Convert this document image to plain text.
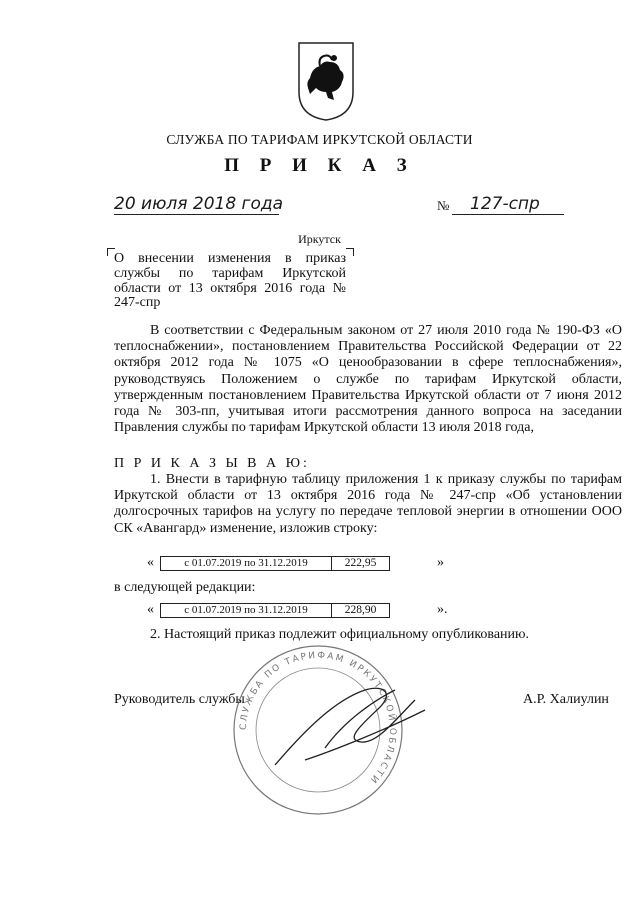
СЛУЖБА ПО ТАРИФАМ ИРКУТСКОЙ ОБЛАСТИ
П Р И К А З
20 июля 2018 года	№ 127-спр
Иркутск
О внесении изменения в приказ службы по тарифам Иркутской области от 13 октября 2016 года № 247-спр
В соответствии с Федеральным законом от 27 июля 2010 года № 190-ФЗ «О теплоснабжении», постановлением Правительства Российской Федерации от 22 октября 2012 года № 1075 «О ценообразовании в сфере теплоснабжения», руководствуясь Положением о службе по тарифам Иркутской области, утвержденным постановлением Правительства Иркутской области от 7 июня 2012 года № 303-пп, учитывая итоги рассмотрения данного вопроса на заседании Правления службы по тарифам Иркутской области 13 июля 2018 года,
П Р И К А З Ы В А Ю:
1. Внести в тарифную таблицу приложения 1 к приказу службы по тарифам Иркутской области от 13 октября 2016 года № 247-спр «Об установлении долгосрочных тарифов на услугу по передаче тепловой энергии в отношении ООО СК «Авангард» изменение, изложив строку:
«	с 01.07.2019 по 31.12.2019	222,95	»
в следующей редакции:
«	с 01.07.2019 по 31.12.2019	228,90	».
2. Настоящий приказ подлежит официальному опубликованию.
СЛУЖБА ПО ТАРИФАМ ИРКУТСКОЙ ОБЛАСТИ
Руководитель службы	А.Р. Халиулин
